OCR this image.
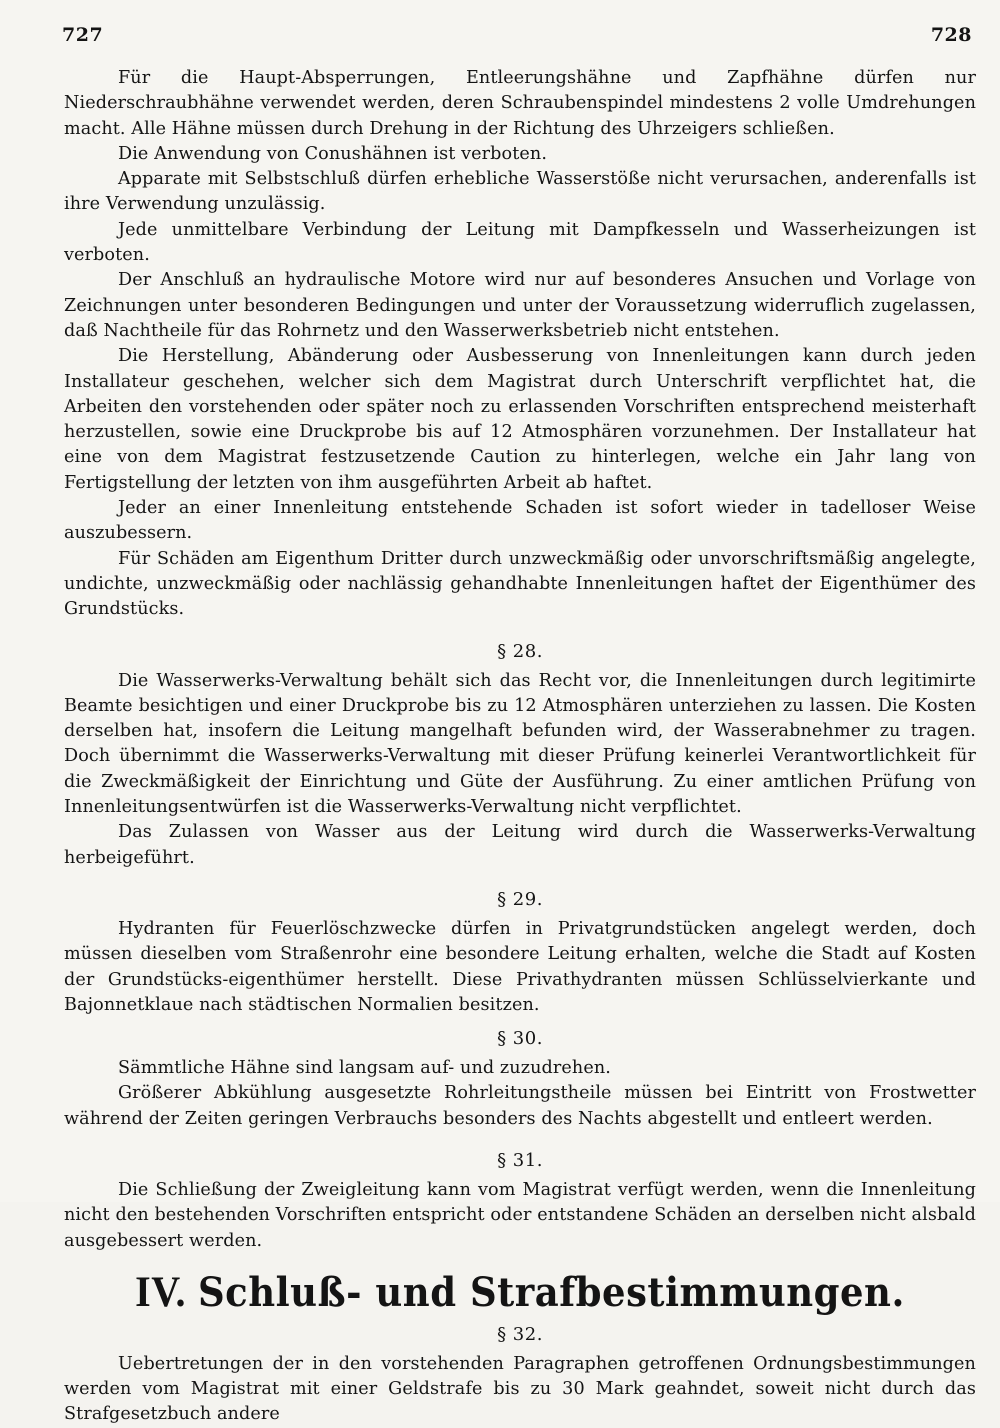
727	728

Für die Haupt-Absperrungen, Entleerungshähne und Zapfhähne dürfen nur Niederschraubhähne verwendet werden, deren Schraubenspindel mindestens 2 volle Umdrehungen macht. Alle Hähne müssen durch Drehung in der Richtung des Uhrzeigers schließen.

Die Anwendung von Conushähnen ist verboten.

Apparate mit Selbstschluß dürfen erhebliche Wasserstöße nicht verursachen, anderenfalls ist ihre Verwendung unzulässig.

Jede unmittelbare Verbindung der Leitung mit Dampfkesseln und Wasserheizungen ist verboten.

Der Anschluß an hydraulische Motore wird nur auf besonderes Ansuchen und Vorlage von Zeichnungen unter besonderen Bedingungen und unter der Voraussetzung widerruflich zugelassen, daß Nachtheile für das Rohrnetz und den Wasserwerksbetrieb nicht entstehen.

Die Herstellung, Abänderung oder Ausbesserung von Innenleitungen kann durch jeden Installateur geschehen, welcher sich dem Magistrat durch Unterschrift verpflichtet hat, die Arbeiten den vorstehenden oder später noch zu erlassenden Vorschriften entsprechend meisterhaft herzustellen, sowie eine Druckprobe bis auf 12 Atmosphären vorzunehmen. Der Installateur hat eine von dem Magistrat festzusetzende Caution zu hinterlegen, welche ein Jahr lang von Fertigstellung der letzten von ihm ausgeführten Arbeit ab haftet.

Jeder an einer Innenleitung entstehende Schaden ist sofort wieder in tadelloser Weise auszubessern.

Für Schäden am Eigenthum Dritter durch unzweckmäßig oder unvorschriftsmäßig angelegte, undichte, unzweckmäßig oder nachlässig gehandhabte Innenleitungen haftet der Eigenthümer des Grundstücks.

§ 28.

Die Wasserwerks-Verwaltung behält sich das Recht vor, die Innenleitungen durch legitimirte Beamte besichtigen und einer Druckprobe bis zu 12 Atmosphären unterziehen zu lassen. Die Kosten derselben hat, insofern die Leitung mangelhaft befunden wird, der Wasserabnehmer zu tragen. Doch übernimmt die Wasserwerks-Verwaltung mit dieser Prüfung keinerlei Verantwortlichkeit für die Zweckmäßigkeit der Einrichtung und Güte der Ausführung. Zu einer amtlichen Prüfung von Innenleitungsentwürfen ist die Wasserwerks-Verwaltung nicht verpflichtet.

Das Zulassen von Wasser aus der Leitung wird durch die Wasserwerks-Verwaltung herbeigeführt.

§ 29.

Hydranten für Feuerlöschzwecke dürfen in Privatgrundstücken angelegt werden, doch müssen dieselben vom Straßenrohr eine besondere Leitung erhalten, welche die Stadt auf Kosten der Grundstücks-eigenthümer herstellt. Diese Privathydranten müssen Schlüsselvierkante und Bajonnetklaue nach städtischen Normalien besitzen.

§ 30.

Sämmtliche Hähne sind langsam auf- und zuzudrehen.

Größerer Abkühlung ausgesetzte Rohrleitungstheile müssen bei Eintritt von Frostwetter während der Zeiten geringen Verbrauchs besonders des Nachts abgestellt und entleert werden.

§ 31.

Die Schließung der Zweigleitung kann vom Magistrat verfügt werden, wenn die Innenleitung nicht den bestehenden Vorschriften entspricht oder entstandene Schäden an derselben nicht alsbald ausgebessert werden.

IV. Schluß- und Strafbestimmungen.
§ 32.

Uebertretungen der in den vorstehenden Paragraphen getroffenen Ordnungsbestimmungen werden vom Magistrat mit einer Geldstrafe bis zu 30 Mark geahndet, soweit nicht durch das Strafgesetzbuch andere
